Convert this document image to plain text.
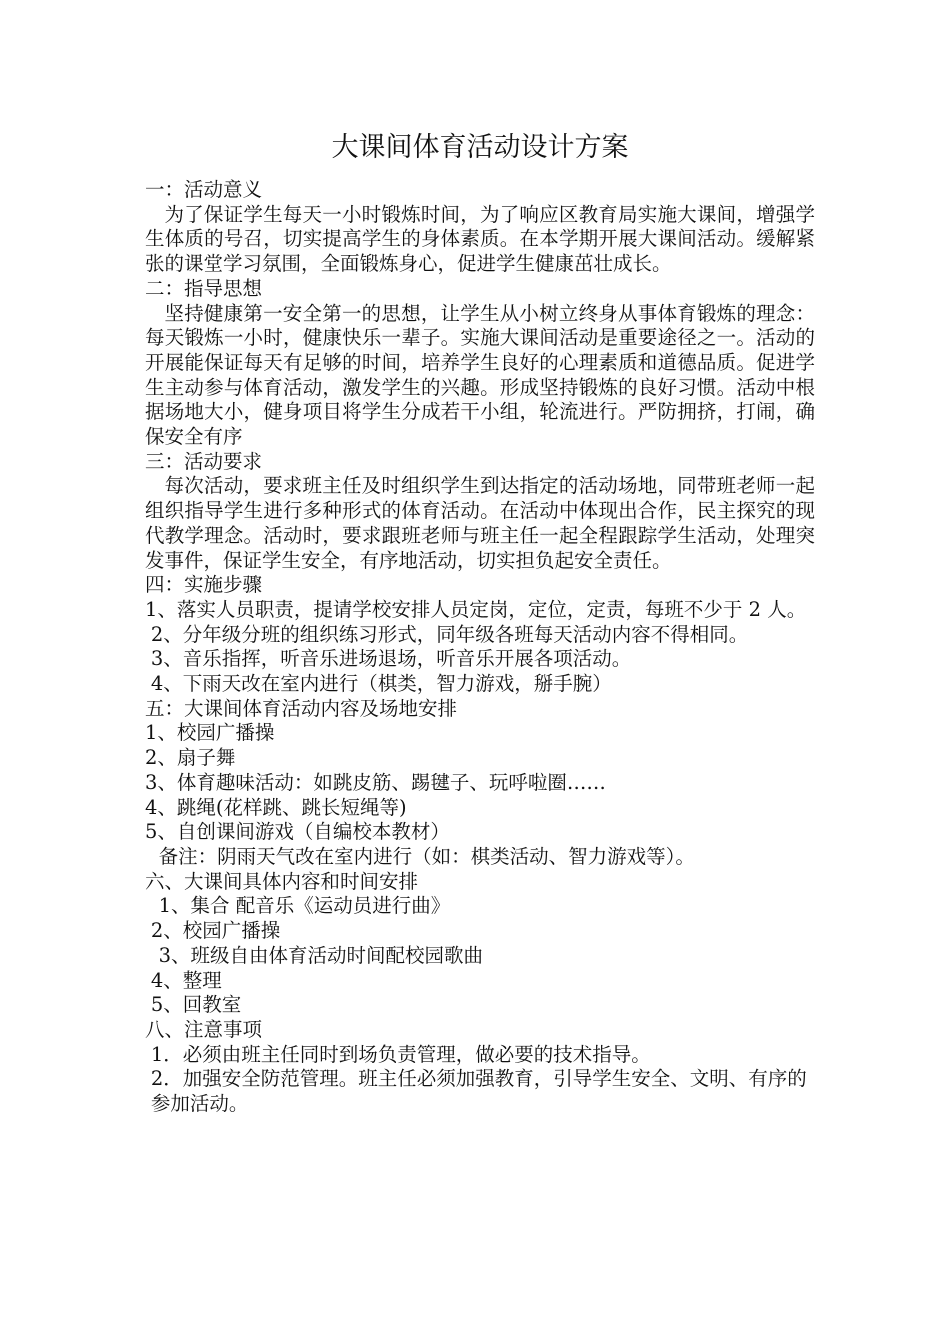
大课间体育活动设计方案
一：活动意义
为了保证学生每天一小时锻炼时间，为了响应区教育局实施大课间，增强学生体质的号召，切实提高学生的身体素质。在本学期开展大课间活动。缓解紧张的课堂学习氛围，全面锻炼身心，促进学生健康茁壮成长。
二：指导思想
坚持健康第一安全第一的思想，让学生从小树立终身从事体育锻炼的理念：每天锻炼一小时，健康快乐一辈子。实施大课间活动是重要途径之一。活动的开展能保证每天有足够的时间，培养学生良好的心理素质和道德品质。促进学生主动参与体育活动，激发学生的兴趣。形成坚持锻炼的良好习惯。活动中根据场地大小，健身项目将学生分成若干小组，轮流进行。严防拥挤，打闹，确保安全有序
三：活动要求
每次活动，要求班主任及时组织学生到达指定的活动场地，同带班老师一起组织指导学生进行多种形式的体育活动。在活动中体现出合作，民主探究的现代教学理念。活动时，要求跟班老师与班主任一起全程跟踪学生活动，处理突发事件，保证学生安全，有序地活动，切实担负起安全责任。
四：实施步骤
1、落实人员职责，提请学校安排人员定岗，定位，定责，每班不少于 2 人。
2、分年级分班的组织练习形式，同年级各班每天活动内容不得相同。
3、音乐指挥，听音乐进场退场，听音乐开展各项活动。
4、下雨天改在室内进行（棋类，智力游戏，掰手腕）
五：大课间体育活动内容及场地安排
1、校园广播操
2、扇子舞
3、体育趣味活动：如跳皮筋、踢毽子、玩呼啦圈……
4、跳绳(花样跳、跳长短绳等)
5、自创课间游戏（自编校本教材）
备注：阴雨天气改在室内进行（如：棋类活动、智力游戏等）。
六、大课间具体内容和时间安排
1、集合 配音乐《运动员进行曲》
2、校园广播操
3、班级自由体育活动时间配校园歌曲
4、整理
5、回教室
八、注意事项
1．必须由班主任同时到场负责管理，做必要的技术指导。
2．加强安全防范管理。班主任必须加强教育，引导学生安全、文明、有序的参加活动。
